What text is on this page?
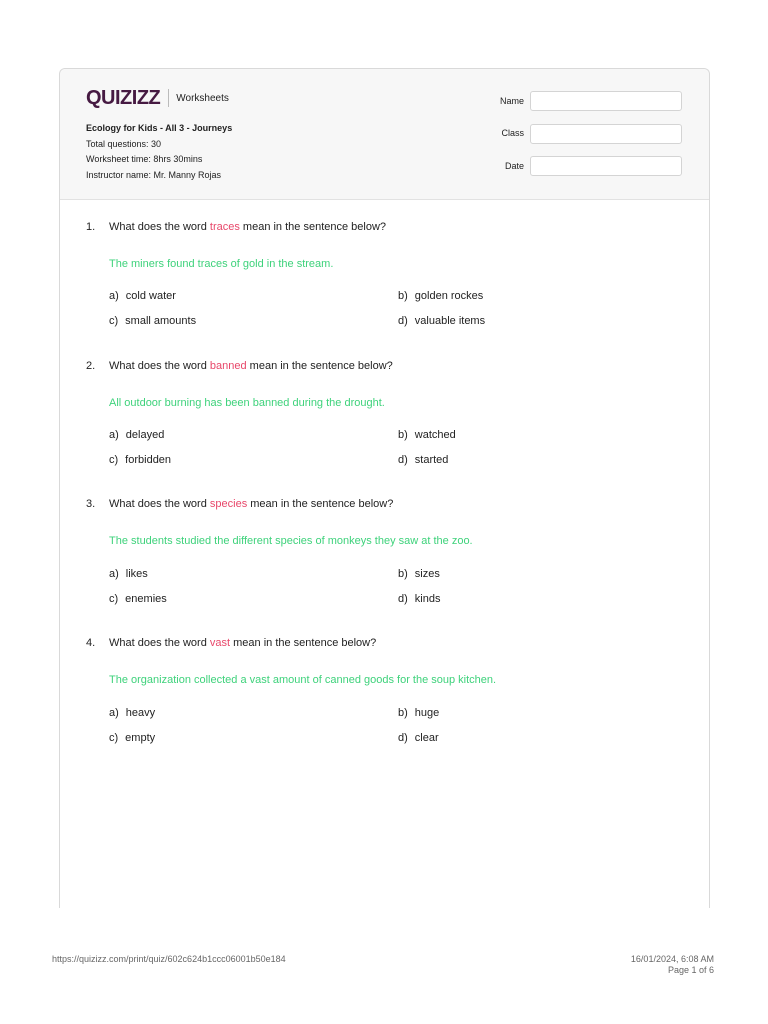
QUIZIZZ Worksheets
Ecology for Kids - All 3 - Journeys
Total questions: 30
Worksheet time: 8hrs 30mins
Instructor name: Mr. Manny Rojas
Name
Class
Date
1. What does the word traces mean in the sentence below?
The miners found traces of gold in the stream.
a) cold water	b) golden rockes
c) small amounts	d) valuable items
2. What does the word banned mean in the sentence below?
All outdoor burning has been banned during the drought.
a) delayed	b) watched
c) forbidden	d) started
3. What does the word species mean in the sentence below?
The students studied the different species of monkeys they saw at the zoo.
a) likes	b) sizes
c) enemies	d) kinds
4. What does the word vast mean in the sentence below?
The organization collected a vast amount of canned goods for the soup kitchen.
a) heavy	b) huge
c) empty	d) clear
https://quizizz.com/print/quiz/602c624b1ccc06001b50e184	16/01/2024, 6:08 AM
Page 1 of 6
